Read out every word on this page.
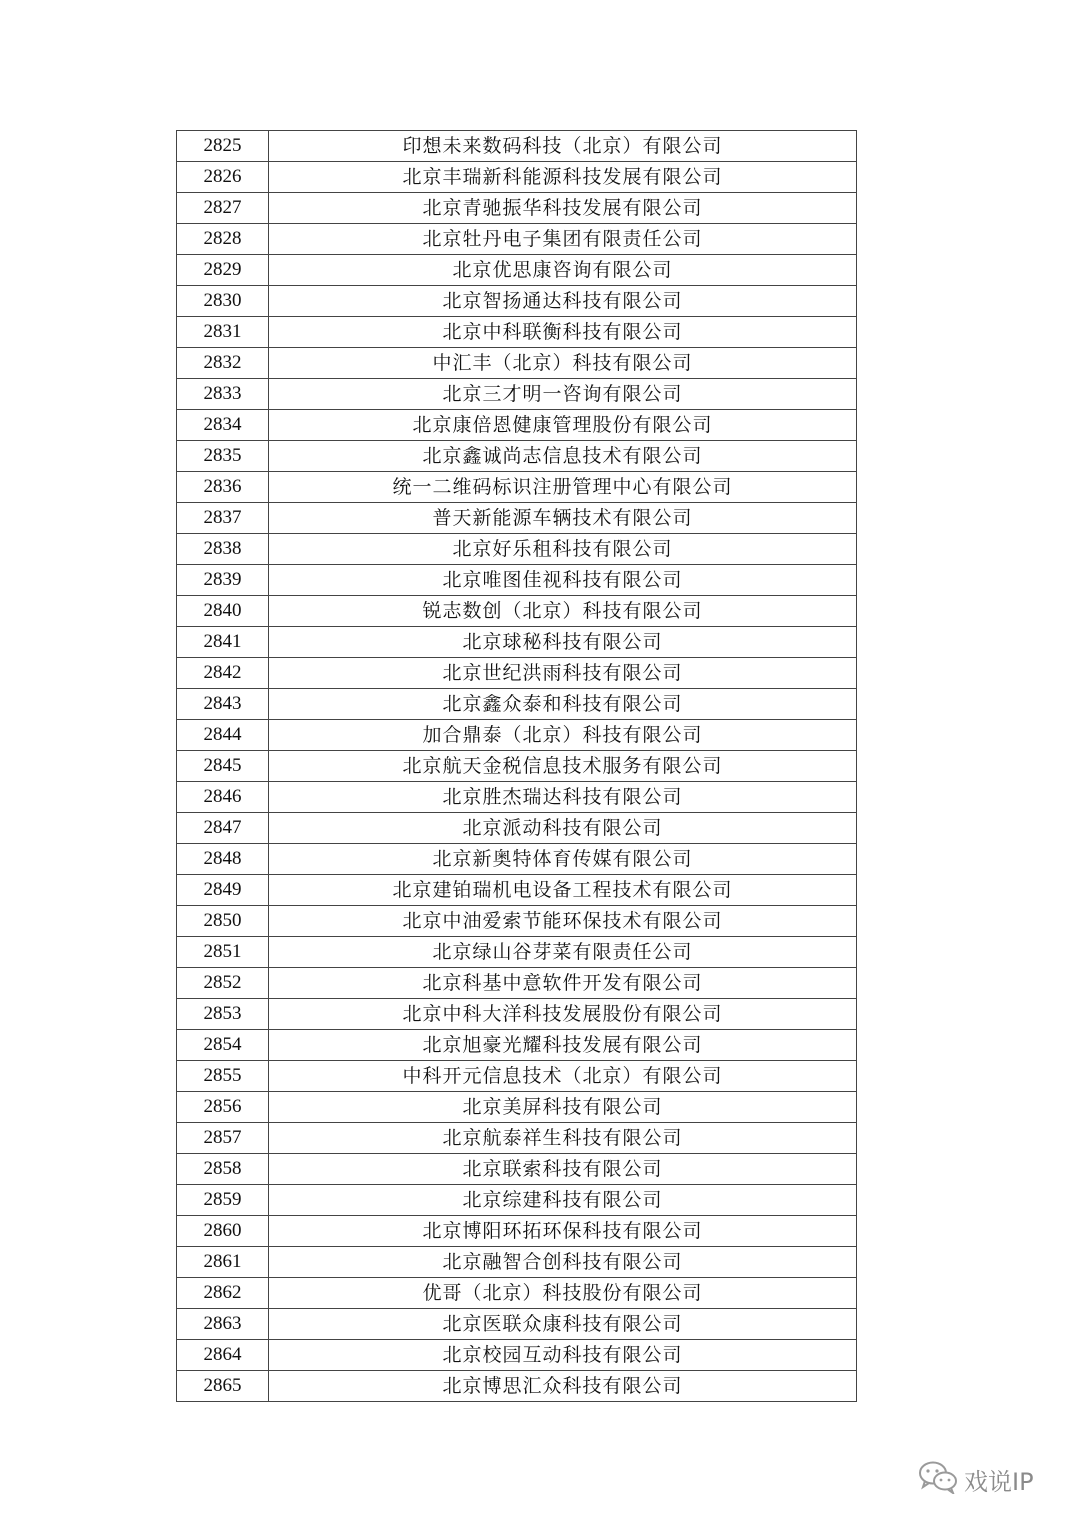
2825	印想未来数码科技（北京）有限公司
2826	北京丰瑞新科能源科技发展有限公司
2827	北京青驰振华科技发展有限公司
2828	北京牡丹电子集团有限责任公司
2829	北京优思康咨询有限公司
2830	北京智扬通达科技有限公司
2831	北京中科联衡科技有限公司
2832	中汇丰（北京）科技有限公司
2833	北京三才明一咨询有限公司
2834	北京康倍恩健康管理股份有限公司
2835	北京鑫诚尚志信息技术有限公司
2836	统一二维码标识注册管理中心有限公司
2837	普天新能源车辆技术有限公司
2838	北京好乐租科技有限公司
2839	北京唯图佳视科技有限公司
2840	锐志数创（北京）科技有限公司
2841	北京球秘科技有限公司
2842	北京世纪洪雨科技有限公司
2843	北京鑫众泰和科技有限公司
2844	加合鼎泰（北京）科技有限公司
2845	北京航天金税信息技术服务有限公司
2846	北京胜杰瑞达科技有限公司
2847	北京派动科技有限公司
2848	北京新奥特体育传媒有限公司
2849	北京建铂瑞机电设备工程技术有限公司
2850	北京中油爱索节能环保技术有限公司
2851	北京绿山谷芽菜有限责任公司
2852	北京科基中意软件开发有限公司
2853	北京中科大洋科技发展股份有限公司
2854	北京旭豪光耀科技发展有限公司
2855	中科开元信息技术（北京）有限公司
2856	北京美屏科技有限公司
2857	北京航泰祥生科技有限公司
2858	北京联索科技有限公司
2859	北京综建科技有限公司
2860	北京博阳环拓环保科技有限公司
2861	北京融智合创科技有限公司
2862	优哥（北京）科技股份有限公司
2863	北京医联众康科技有限公司
2864	北京校园互动科技有限公司
2865	北京博思汇众科技有限公司
戏说IP
